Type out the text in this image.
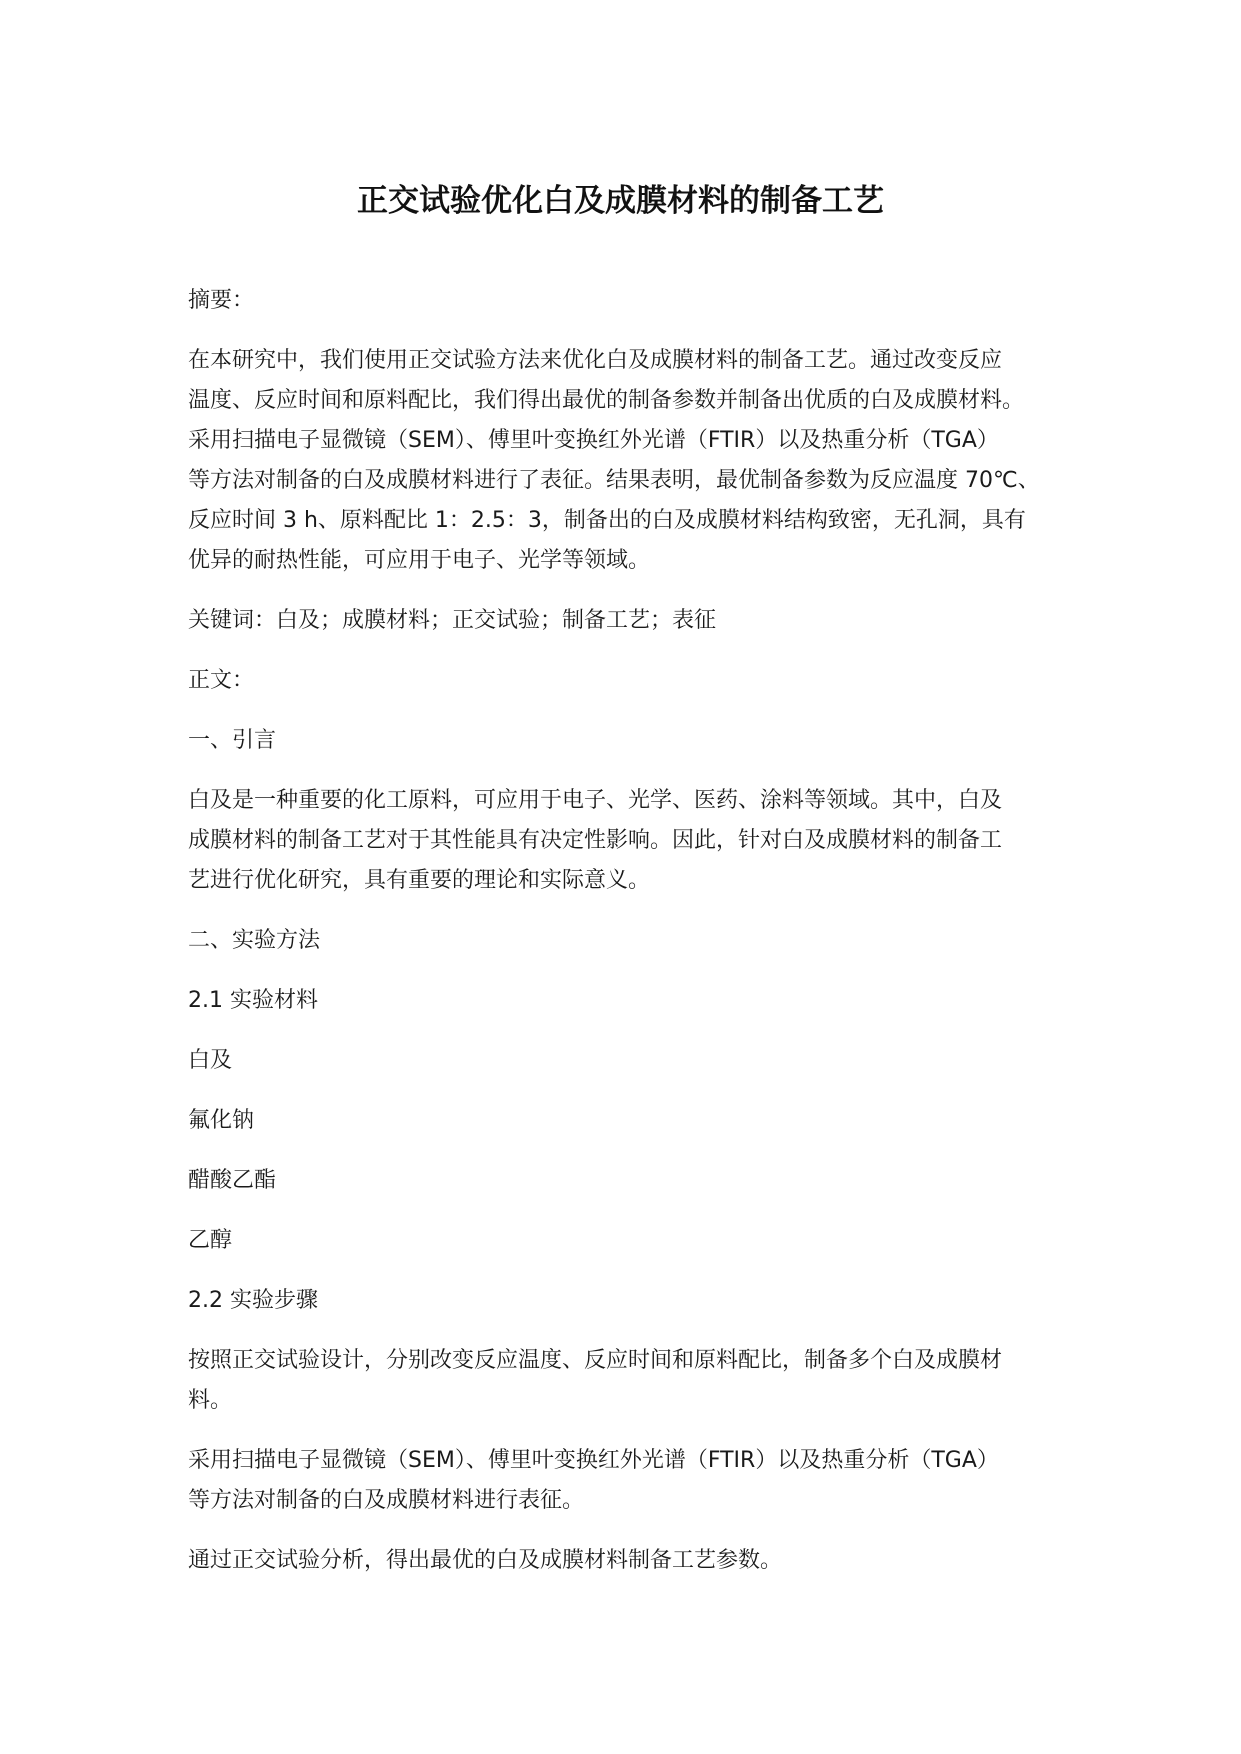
正交试验优化白及成膜材料的制备工艺

摘要：

在本研究中，我们使用正交试验方法来优化白及成膜材料的制备工艺。通过改变反应
温度、反应时间和原料配比，我们得出最优的制备参数并制备出优质的白及成膜材料。
采用扫描电子显微镜（SEM）、傅里叶变换红外光谱（FTIR）以及热重分析（TGA）
等方法对制备的白及成膜材料进行了表征。结果表明，最优制备参数为反应温度 70℃、
反应时间 3 h、原料配比 1：2.5：3，制备出的白及成膜材料结构致密，无孔洞，具有
优异的耐热性能，可应用于电子、光学等领域。

关键词：白及；成膜材料；正交试验；制备工艺；表征

正文：

一、引言

白及是一种重要的化工原料，可应用于电子、光学、医药、涂料等领域。其中，白及
成膜材料的制备工艺对于其性能具有决定性影响。因此，针对白及成膜材料的制备工
艺进行优化研究，具有重要的理论和实际意义。

二、实验方法

2.1 实验材料

白及

氟化钠

醋酸乙酯

乙醇

2.2 实验步骤

按照正交试验设计，分别改变反应温度、反应时间和原料配比，制备多个白及成膜材
料。

采用扫描电子显微镜（SEM）、傅里叶变换红外光谱（FTIR）以及热重分析（TGA）
等方法对制备的白及成膜材料进行表征。

通过正交试验分析，得出最优的白及成膜材料制备工艺参数。
